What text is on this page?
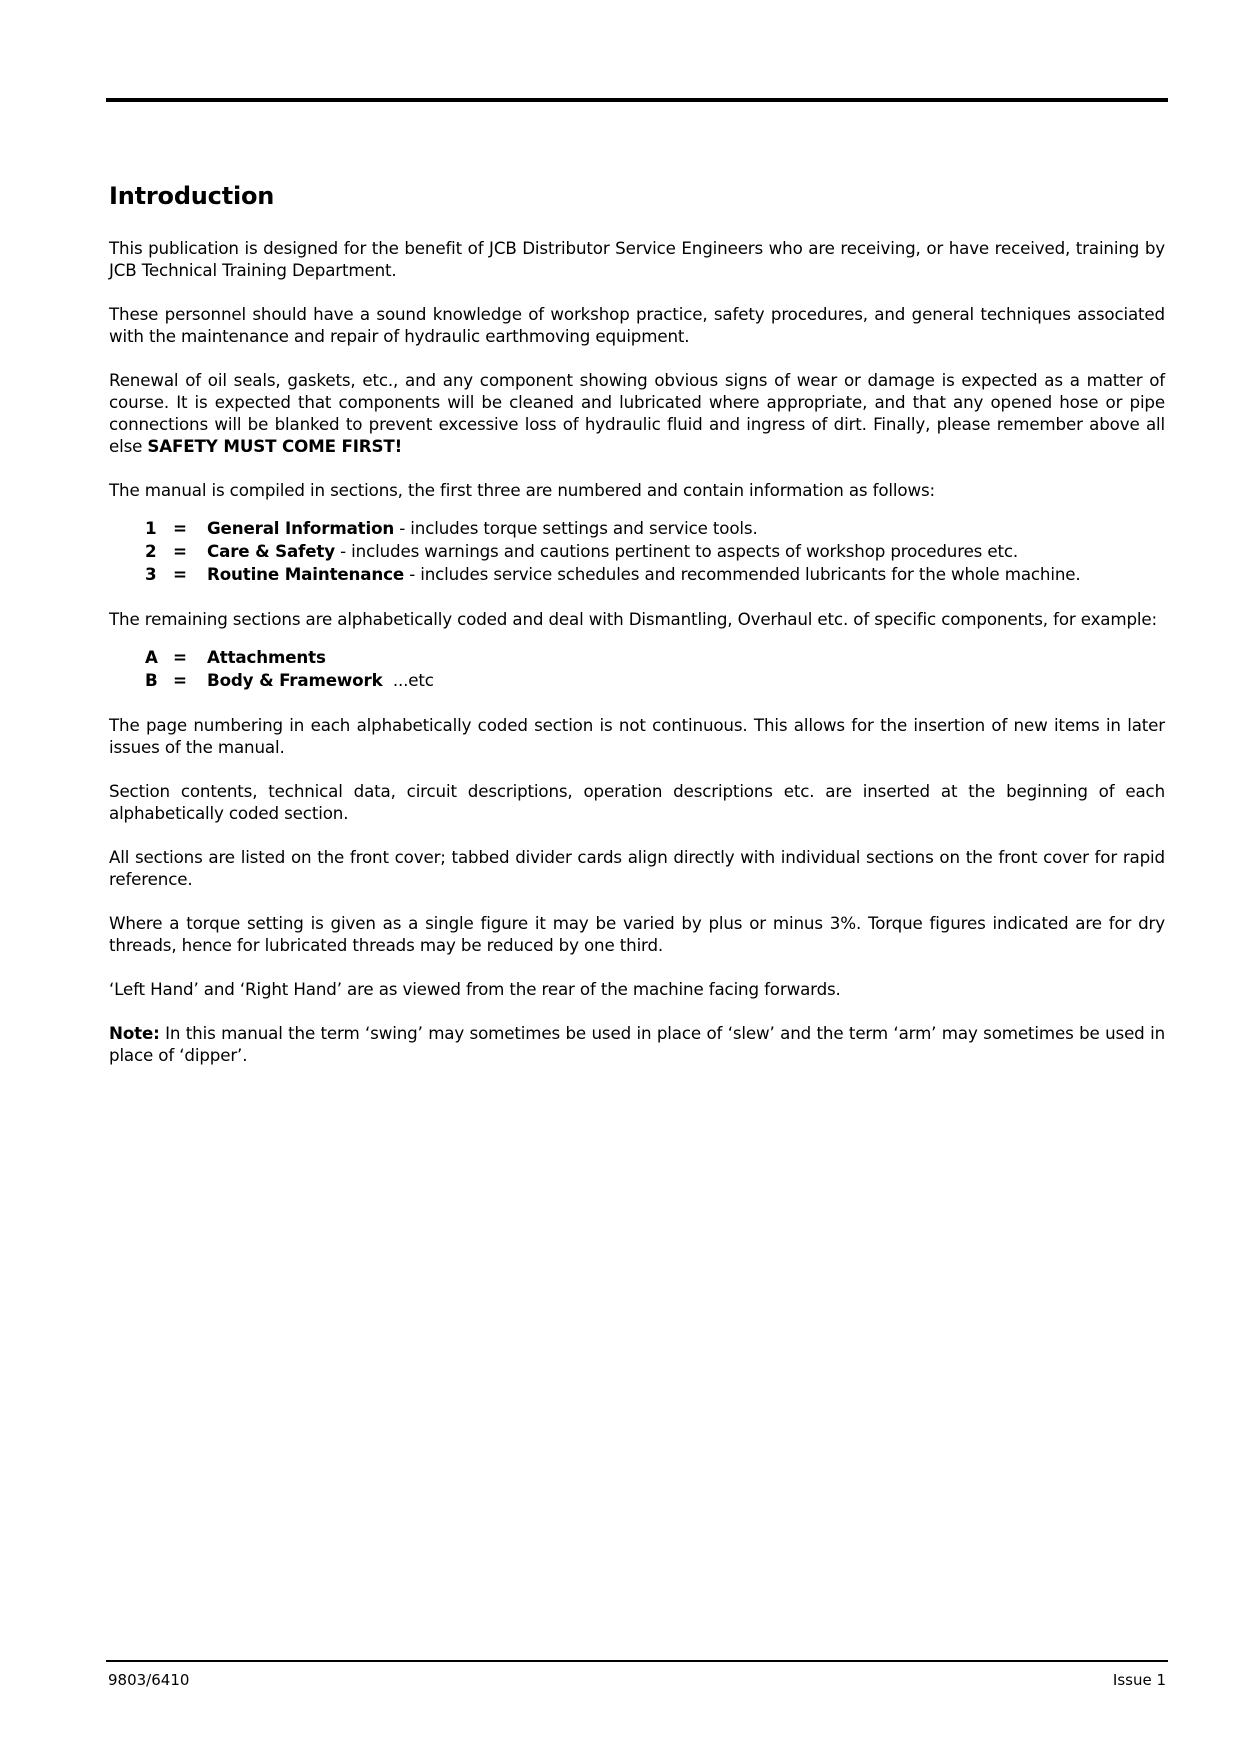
Introduction

This publication is designed for the benefit of JCB Distributor Service Engineers who are receiving, or have received, training by JCB Technical Training Department.

These personnel should have a sound knowledge of workshop practice, safety procedures, and general techniques associated with the maintenance and repair of hydraulic earthmoving equipment.

Renewal of oil seals, gaskets, etc., and any component showing obvious signs of wear or damage is expected as a matter of course. It is expected that components will be cleaned and lubricated where appropriate, and that any opened hose or pipe connections will be blanked to prevent excessive loss of hydraulic fluid and ingress of dirt. Finally, please remember above all else SAFETY MUST COME FIRST!

The manual is compiled in sections, the first three are numbered and contain information as follows:

1 =	General Information - includes torque settings and service tools.
2 =	Care & Safety - includes warnings and cautions pertinent to aspects of workshop procedures etc.
3 =	Routine Maintenance - includes service schedules and recommended lubricants for the whole machine.

The remaining sections are alphabetically coded and deal with Dismantling, Overhaul etc. of specific components, for example:

A =	Attachments
B =	Body & Framework ...etc

The page numbering in each alphabetically coded section is not continuous. This allows for the insertion of new items in later issues of the manual.

Section contents, technical data, circuit descriptions, operation descriptions etc. are inserted at the beginning of each alphabetically coded section.

All sections are listed on the front cover; tabbed divider cards align directly with individual sections on the front cover for rapid reference.

Where a torque setting is given as a single figure it may be varied by plus or minus 3%. Torque figures indicated are for dry threads, hence for lubricated threads may be reduced by one third.

‘Left Hand’ and ‘Right Hand’ are as viewed from the rear of the machine facing forwards.

Note: In this manual the term ‘swing’ may sometimes be used in place of ‘slew’ and the term ‘arm’ may sometimes be used in place of ‘dipper’.

9803/6410	Issue 1
